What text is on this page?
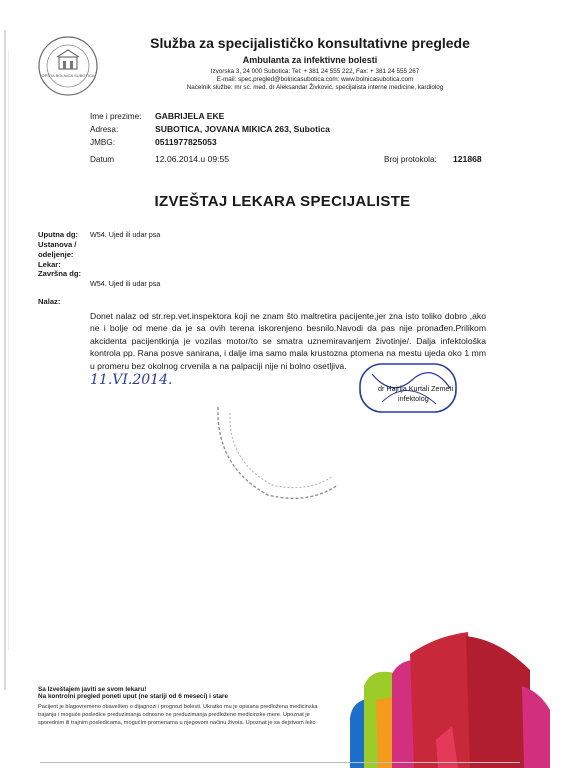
OPŠTA BOLNICA SUBOTICA
Služba za specijalističko konsultativne preglede
Ambulanta za infektivne bolesti
Izvorska 3, 24 000 Subotica: Tel: + 381 24 555 222, Fax: + 381 24 555 267
E-mail: spec.pregled@bolnicasubotica.com: www.bolnicasubotica.com
Načelnik službe: mr sc. med. dr Aleksandar Živković, specijalista interne medicine, kardiolog
Ime i prezime: GABRIJELA EKE
Adresa:	SUBOTICA, JOVANA MIKICA 263, Subotica
JMBG:	0511977825053
Datum	12.06.2014.u 09:55	Broj protokola: 121868
IZVEŠTAJ LEKARA SPECIJALISTE
Uputna dg: W54. Ujed ili udar psa
Ustanova / odeljenje:
Lekar:
Završna dg:
W54. Ujed ili udar psa
Nalaz:
Donet nalaz od str.rep.vet.inspektora koji ne znam što maltretira pacijente,jer zna isto toliko dobro ,ako ne i bolje od mene da je sa ovih terena iskorenjeno besnilo.Navodi da pas nije pronađen.Prilikom akcidenta pacijentkinja je vozilas motor/to se smatra uznemiravanjem životinje/. Dalja infektološka kontrola pp. Rana posve sanirana, i dalje ima samo mala krustozna ptomena na mestu ujeda oko 1 mm u promeru bez okolnog crvenila a na palpaciji nije ni bolno osetljiva.
11.VI.2014.
dr Hajrija Kurtali Zemeti
infektolog
Sa Izveštajem javiti se svom lekaru!
Na kontrolni pregled poneti uput (ne stariji od 6 meseci) i stare
Pacijent je blagovremeno obavešten o dijagnozi i prognozi bolesti. Ukratko mu je opisana predložena medicinska
trajanja i moguće posledice preduzimanja odnosno ne preduzimanja predložene medicinske mere. Upoznat je
sporednim ili trajnim posledicama, mogućim promenama u njegovom načinu života. Upoznat je sa dejstvom leko
